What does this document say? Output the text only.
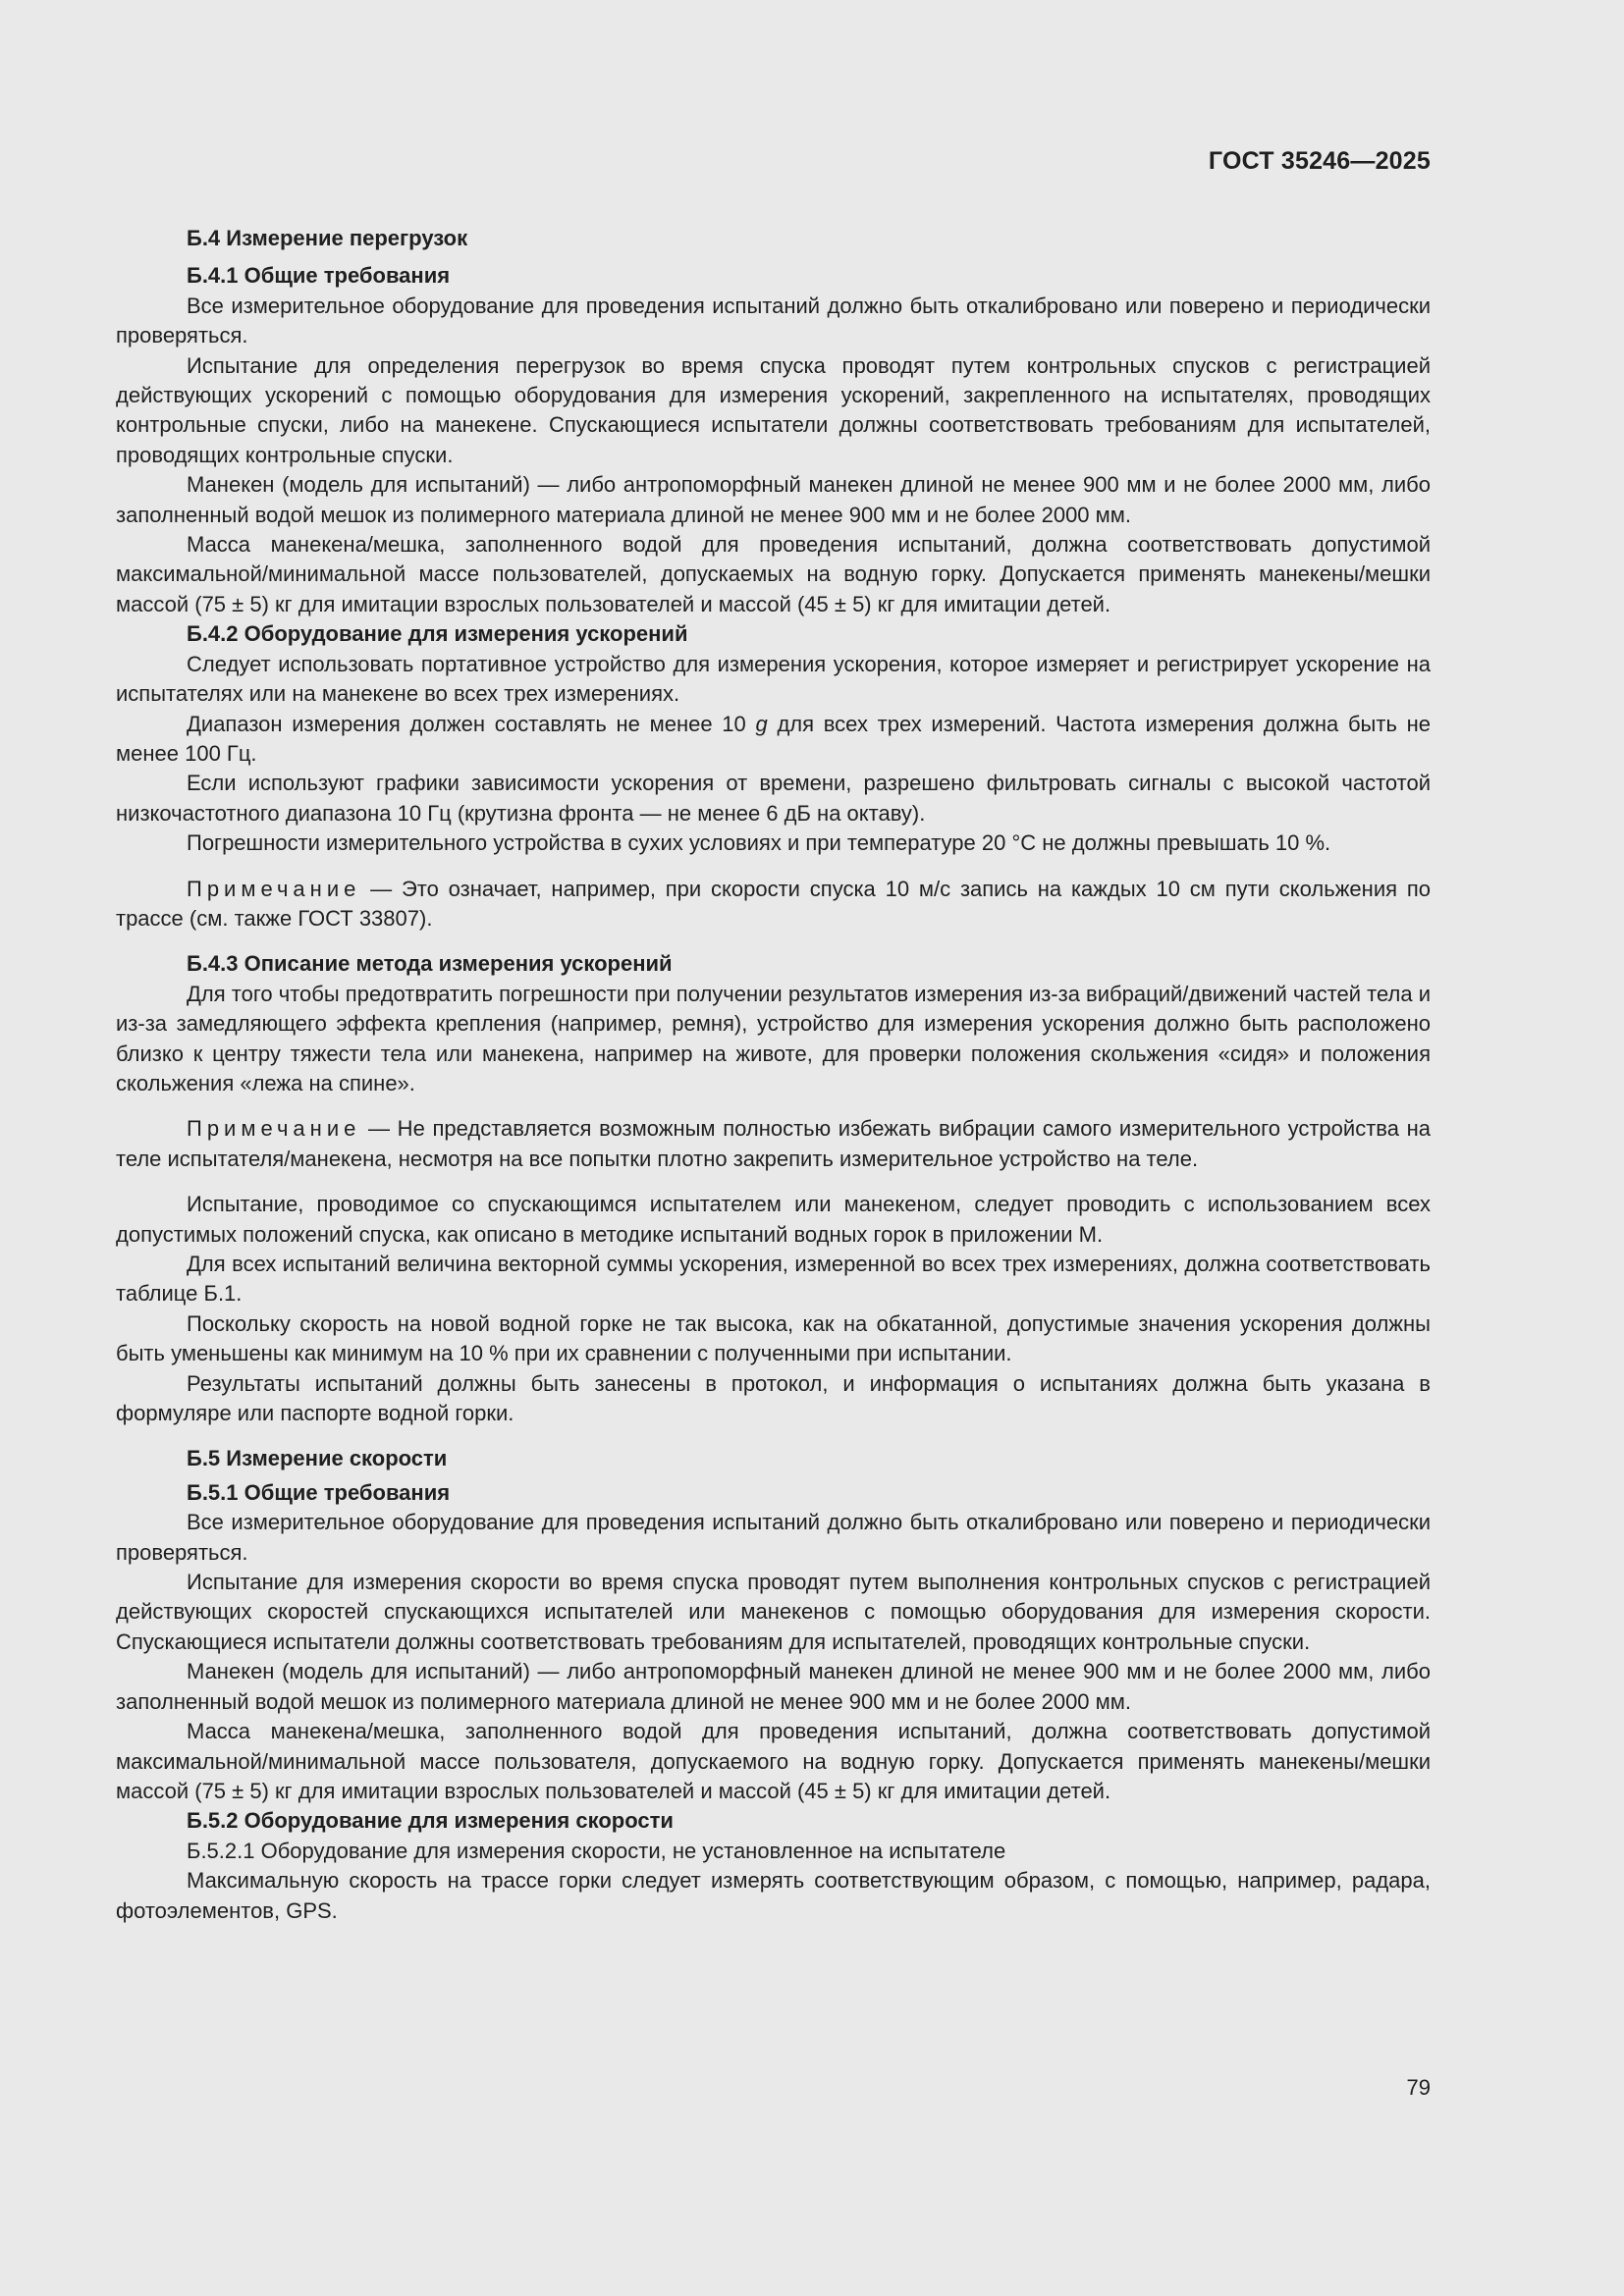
ГОСТ 35246—2025
Б.4 Измерение перегрузок
Б.4.1 Общие требования

Все измерительное оборудование для проведения испытаний должно быть откалибровано или поверено и периодически проверяться.

Испытание для определения перегрузок во время спуска проводят путем контрольных спусков с регистрацией действующих ускорений с помощью оборудования для измерения ускорений, закрепленного на испытателях, проводящих контрольные спуски, либо на манекене. Спускающиеся испытатели должны соответствовать требованиям для испытателей, проводящих контрольные спуски.

Манекен (модель для испытаний) — либо антропоморфный манекен длиной не менее 900 мм и не более 2000 мм, либо заполненный водой мешок из полимерного материала длиной не менее 900 мм и не более 2000 мм.

Масса манекена/мешка, заполненного водой для проведения испытаний, должна соответствовать допустимой максимальной/минимальной массе пользователей, допускаемых на водную горку. Допускается применять манекены/мешки массой (75 ± 5) кг для имитации взрослых пользователей и массой (45 ± 5) кг для имитации детей.

Б.4.2 Оборудование для измерения ускорений

Следует использовать портативное устройство для измерения ускорения, которое измеряет и регистрирует ускорение на испытателях или на манекене во всех трех измерениях.

Диапазон измерения должен составлять не менее 10 g для всех трех измерений. Частота измерения должна быть не менее 100 Гц.

Если используют графики зависимости ускорения от времени, разрешено фильтровать сигналы с высокой частотой низкочастотного диапазона 10 Гц (крутизна фронта — не менее 6 дБ на октаву).

Погрешности измерительного устройства в сухих условиях и при температуре 20 °С не должны превышать 10 %.

Примечание — Это означает, например, при скорости спуска 10 м/с запись на каждых 10 см пути скольжения по трассе (см. также ГОСТ 33807).

Б.4.3 Описание метода измерения ускорений

Для того чтобы предотвратить погрешности при получении результатов измерения из-за вибраций/движений частей тела и из-за замедляющего эффекта крепления (например, ремня), устройство для измерения ускорения должно быть расположено близко к центру тяжести тела или манекена, например на животе, для проверки положения скольжения «сидя» и положения скольжения «лежа на спине».

Примечание — Не представляется возможным полностью избежать вибрации самого измерительного устройства на теле испытателя/манекена, несмотря на все попытки плотно закрепить измерительное устройство на теле.

Испытание, проводимое со спускающимся испытателем или манекеном, следует проводить с использованием всех допустимых положений спуска, как описано в методике испытаний водных горок в приложении М.

Для всех испытаний величина векторной суммы ускорения, измеренной во всех трех измерениях, должна соответствовать таблице Б.1.

Поскольку скорость на новой водной горке не так высока, как на обкатанной, допустимые значения ускорения должны быть уменьшены как минимум на 10 % при их сравнении с полученными при испытании.

Результаты испытаний должны быть занесены в протокол, и информация о испытаниях должна быть указана в формуляре или паспорте водной горки.

Б.5 Измерение скорости
Б.5.1 Общие требования

Все измерительное оборудование для проведения испытаний должно быть откалибровано или поверено и периодически проверяться.

Испытание для измерения скорости во время спуска проводят путем выполнения контрольных спусков с регистрацией действующих скоростей спускающихся испытателей или манекенов с помощью оборудования для измерения скорости. Спускающиеся испытатели должны соответствовать требованиям для испытателей, проводящих контрольные спуски.

Манекен (модель для испытаний) — либо антропоморфный манекен длиной не менее 900 мм и не более 2000 мм, либо заполненный водой мешок из полимерного материала длиной не менее 900 мм и не более 2000 мм.

Масса манекена/мешка, заполненного водой для проведения испытаний, должна соответствовать допустимой максимальной/минимальной массе пользователя, допускаемого на водную горку. Допускается применять манекены/мешки массой (75 ± 5) кг для имитации взрослых пользователей и массой (45 ± 5) кг для имитации детей.

Б.5.2 Оборудование для измерения скорости

Б.5.2.1 Оборудование для измерения скорости, не установленное на испытателе

Максимальную скорость на трассе горки следует измерять соответствующим образом, с помощью, например, радара, фотоэлементов, GPS.

79
